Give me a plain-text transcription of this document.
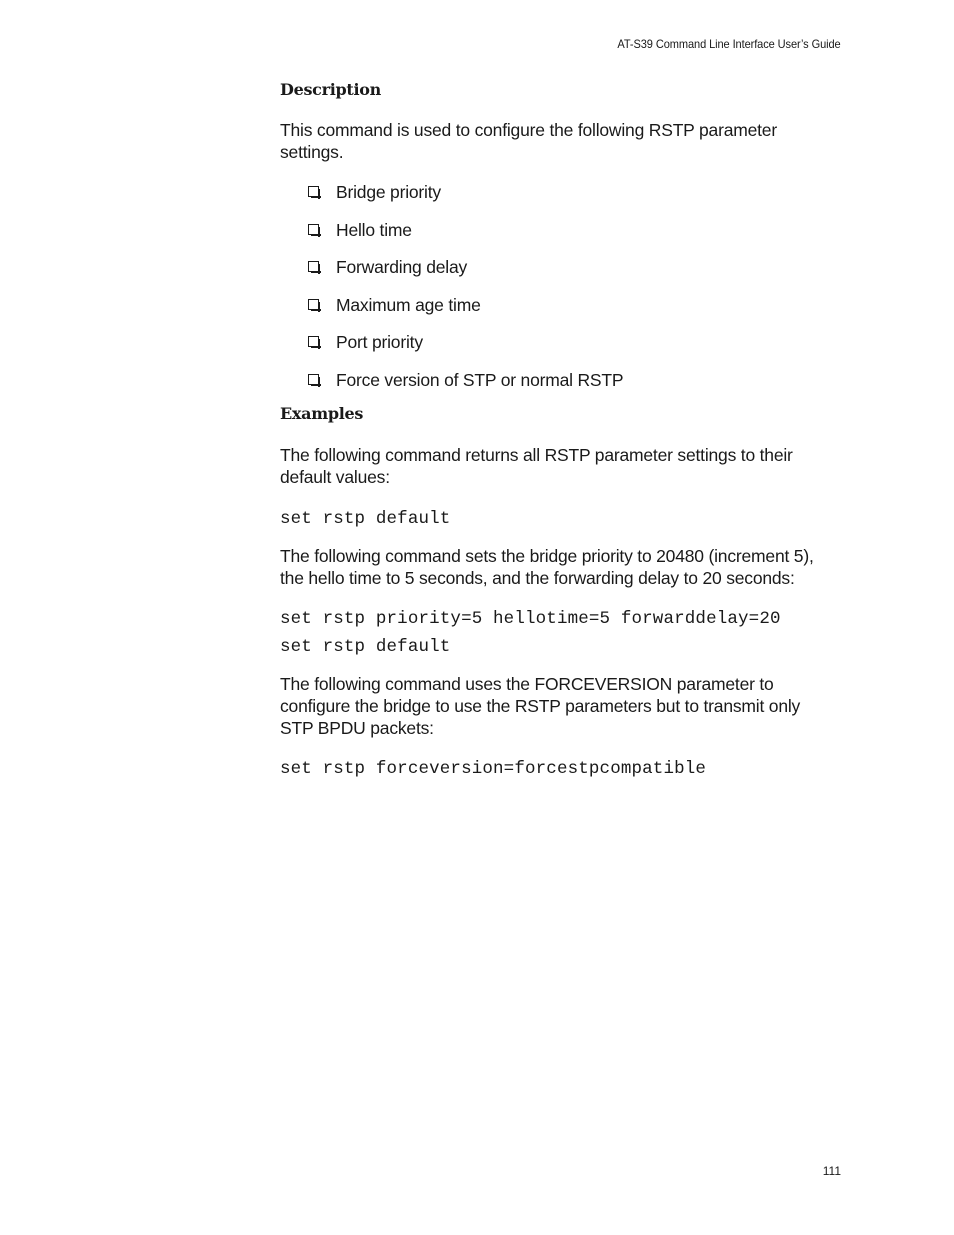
AT-S39 Command Line Interface User’s Guide
Description

This command is used to configure the following RSTP parameter settings.

Bridge priority
Hello time
Forwarding delay
Maximum age time
Port priority
Force version of STP or normal RSTP
Examples

The following command returns all RSTP parameter settings to their default values:

set rstp default

The following command sets the bridge priority to 20480 (increment 5), the hello time to 5 seconds, and the forwarding delay to 20 seconds:

set rstp priority=5 hellotime=5 forwarddelay=20

set rstp default

The following command uses the FORCEVERSION parameter to configure the bridge to use the RSTP parameters but to transmit only STP BPDU packets:

set rstp forceversion=forcestpcompatible

111
